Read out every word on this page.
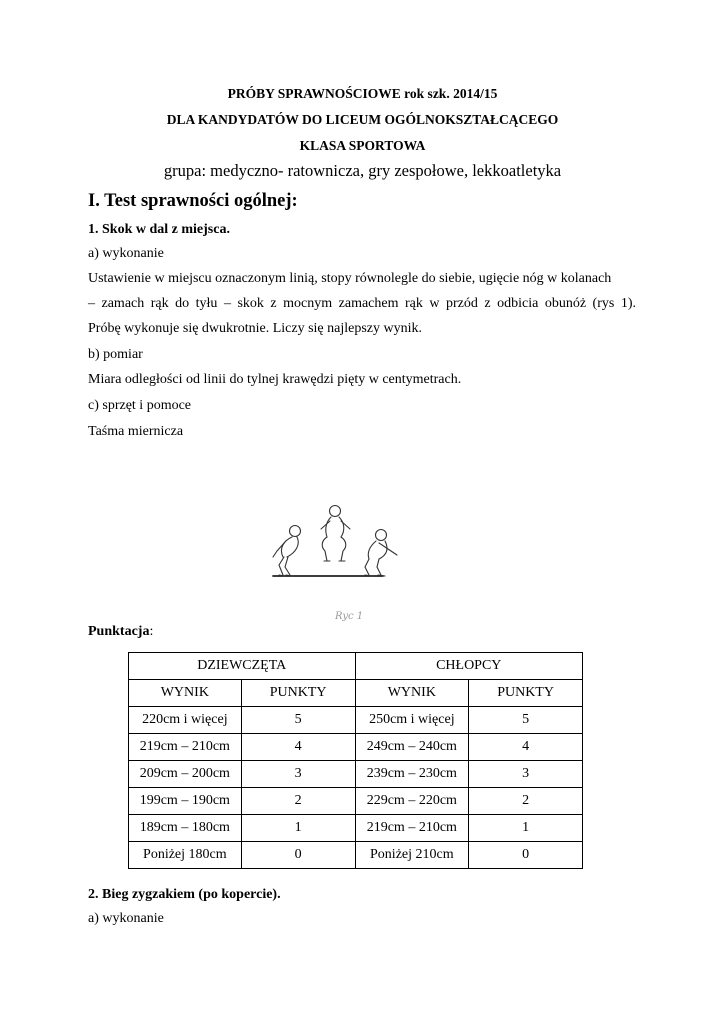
PRÓBY SPRAWNOŚCIOWE rok szk. 2014/15
DLA KANDYDATÓW DO LICEUM OGÓLNOKSZTAŁCĄCEGO
KLASA SPORTOWA
grupa: medyczno- ratownicza, gry zespołowe, lekkoatletyka
I. Test sprawności ogólnej:
1. Skok w dal z miejsca.
a) wykonanie
Ustawienie w miejscu oznaczonym linią, stopy równolegle do siebie, ugięcie nóg w kolanach
– zamach rąk do tyłu – skok z mocnym zamachem rąk w przód z odbicia obunóż (rys 1).
Próbę wykonuje się dwukrotnie. Liczy się najlepszy wynik.
b) pomiar
Miara odległości od linii do tylnej krawędzi pięty w centymetrach.
c) sprzęt i pomoce
Taśma miernicza
Ryc 1
Punktacja:
DZIEWCZĘTA		CHŁOPCY	
WYNIK	PUNKTY	WYNIK	PUNKTY
220cm i więcej	5	250cm i więcej	5
219cm – 210cm	4	249cm – 240cm	4
209cm – 200cm	3	239cm – 230cm	3
199cm – 190cm	2	229cm – 220cm	2
189cm – 180cm	1	219cm – 210cm	1
Poniżej 180cm	0	Poniżej 210cm	0
2. Bieg zygzakiem (po kopercie).
a) wykonanie
